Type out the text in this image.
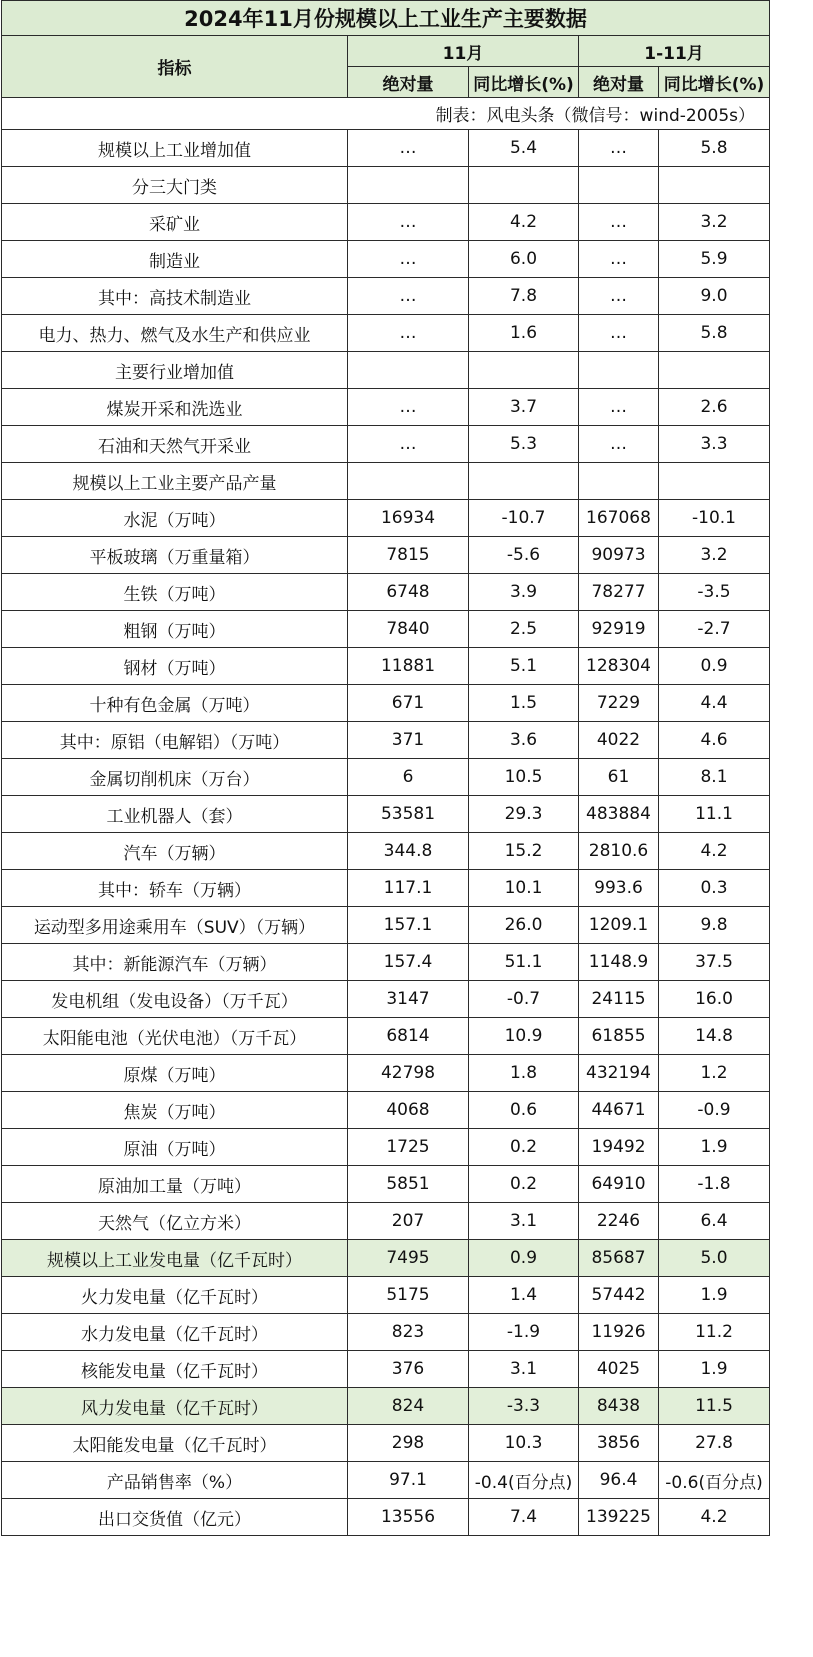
2024年11月份规模以上工业生产主要数据				
指标	11月		1-11月	
	绝对量	同比增长(%)	绝对量	同比增长(%)
制表：风电头条（微信号：wind-2005s）				
规模以上工业增加值	…	5.4	…	5.8
分三大门类				
采矿业	…	4.2	…	3.2
制造业	…	6.0	…	5.9
其中：高技术制造业	…	7.8	…	9.0
电力、热力、燃气及水生产和供应业	…	1.6	…	5.8
主要行业增加值				
煤炭开采和洗选业	…	3.7	…	2.6
石油和天然气开采业	…	5.3	…	3.3
规模以上工业主要产品产量				
水泥（万吨）	16934	-10.7	167068	-10.1
平板玻璃（万重量箱）	7815	-5.6	90973	3.2
生铁（万吨）	6748	3.9	78277	-3.5
粗钢（万吨）	7840	2.5	92919	-2.7
钢材（万吨）	11881	5.1	128304	0.9
十种有色金属（万吨）	671	1.5	7229	4.4
其中：原铝（电解铝）（万吨）	371	3.6	4022	4.6
金属切削机床（万台）	6	10.5	61	8.1
工业机器人（套）	53581	29.3	483884	11.1
汽车（万辆）	344.8	15.2	2810.6	4.2
其中：轿车（万辆）	117.1	10.1	993.6	0.3
运动型多用途乘用车（SUV）（万辆）	157.1	26.0	1209.1	9.8
其中：新能源汽车（万辆）	157.4	51.1	1148.9	37.5
发电机组（发电设备）（万千瓦）	3147	-0.7	24115	16.0
太阳能电池（光伏电池）（万千瓦）	6814	10.9	61855	14.8
原煤（万吨）	42798	1.8	432194	1.2
焦炭（万吨）	4068	0.6	44671	-0.9
原油（万吨）	1725	0.2	19492	1.9
原油加工量（万吨）	5851	0.2	64910	-1.8
天然气（亿立方米）	207	3.1	2246	6.4
规模以上工业发电量（亿千瓦时）	7495	0.9	85687	5.0
火力发电量（亿千瓦时）	5175	1.4	57442	1.9
水力发电量（亿千瓦时）	823	-1.9	11926	11.2
核能发电量（亿千瓦时）	376	3.1	4025	1.9
风力发电量（亿千瓦时）	824	-3.3	8438	11.5
太阳能发电量（亿千瓦时）	298	10.3	3856	27.8
产品销售率（%）	97.1	-0.4(百分点)	96.4	-0.6(百分点)
出口交货值（亿元）	13556	7.4	139225	4.2
